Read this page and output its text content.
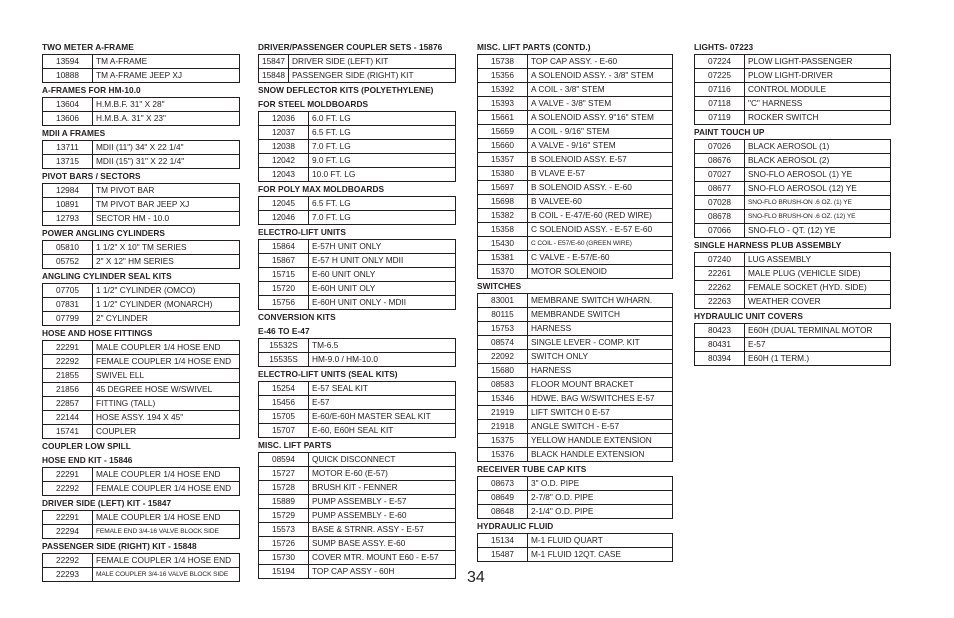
TWO METER A-FRAME
13594	TM A-FRAME
10888	TM A-FRAME JEEP XJ
A-FRAMES FOR HM-10.0
13604	H.M.B.F. 31" X 28"
13606	H.M.B.A. 31" X 23"
MDII A FRAMES
13711	MDII (11") 34" X 22 1/4"
13715	MDII (15") 31" X 22 1/4"
PIVOT BARS / SECTORS
12984	TM PIVOT BAR
10891	TM PIVOT BAR JEEP XJ
12793	SECTOR HM - 10.0
POWER ANGLING CYLINDERS
05810	1 1/2" X 10" TM SERIES
05752	2" X 12" HM SERIES
ANGLING CYLINDER SEAL KITS
07705	1 1/2" CYLINDER (OMCO)
07831	1 1/2" CYLINDER (MONARCH)
07799	2" CYLINDER
HOSE AND HOSE FITTINGS
22291	MALE COUPLER 1/4 HOSE END
22292	FEMALE COUPLER 1/4 HOSE END
21855	SWIVEL ELL
21856	45 DEGREE HOSE W/SWIVEL
22857	FITTING (TALL)
22144	HOSE ASSY. 194 X 45"
15741	COUPLER
COUPLER LOW SPILL
HOSE END KIT - 15846
22291	MALE COUPLER 1/4 HOSE END
22292	FEMALE COUPLER 1/4 HOSE END
DRIVER SIDE (LEFT) KIT - 15847
22291	MALE COUPLER 1/4 HOSE END
22294	FEMALE END 3/4-16 VALVE BLOCK SIDE
PASSENGER SIDE (RIGHT) KIT - 15848
22292	FEMALE COUPLER 1/4 HOSE END
22293	MALE COUPLER 3/4-16 VALVE BLOCK SIDE
DRIVER/PASSENGER COUPLER SETS - 15876
15847	DRIVER SIDE (LEFT) KIT
15848	PASSENGER SIDE (RIGHT) KIT
SNOW DEFLECTOR KITS (POLYETHYLENE)
FOR STEEL MOLDBOARDS
12036	6.0 FT. LG
12037	6.5 FT. LG
12038	7.0 FT. LG
12042	9.0 FT. LG
12043	10.0 FT. LG
FOR POLY MAX MOLDBOARDS
12045	6.5 FT. LG
12046	7.0 FT. LG
ELECTRO-LIFT UNITS
15864	E-57H UNIT ONLY
15867	E-57 H UNIT ONLY MDII
15715	E-60 UNIT ONLY
15720	E-60H UNIT OLY
15756	E-60H UNIT ONLY - MDII
CONVERSION KITS
E-46 TO E-47
15532S	TM-6.5
15535S	HM-9.0 / HM-10.0
ELECTRO-LIFT UNITS (SEAL KITS)
15254	E-57 SEAL KIT
15456	E-57
15705	E-60/E-60H MASTER SEAL KIT
15707	E-60, E60H SEAL KIT
MISC. LIFT PARTS
08594	QUICK DISCONNECT
15727	MOTOR E-60 (E-57)
15728	BRUSH KIT - FENNER
15889	PUMP ASSEMBLY - E-57
15729	PUMP ASSEMBLY - E-60
15573	BASE & STRNR. ASSY - E-57
15726	SUMP BASE ASSY. E-60
15730	COVER MTR. MOUNT E60 - E-57
15194	TOP CAP ASSY - 60H
MISC. LIFT PARTS (CONTD.)
15738	TOP CAP ASSY. - E-60
15356	A SOLENOID ASSY. - 3/8" STEM
15392	A COIL - 3/8" STEM
15393	A VALVE - 3/8" STEM
15661	A SOLENOID ASSY. 9"16" STEM
15659	A COIL - 9/16" STEM
15660	A VALVE - 9/16" STEM
15357	B SOLENOID ASSY. E-57
15380	B VLAVE E-57
15697	B SOLENOID ASSY. - E-60
15698	B VALVEE-60
15382	B COIL - E-47/E-60 (RED WIRE)
15358	C SOLENOID ASSY. - E-57 E-60
15430	C COIL - E57/E-60 (GREEN WIRE)
15381	C VALVE - E-57/E-60
15370	MOTOR SOLENOID
SWITCHES
83001	MEMBRANE SWITCH W/HARN.
80115	MEMBRANDE SWITCH
15753	HARNESS
08574	SINGLE LEVER - COMP. KIT
22092	SWITCH ONLY
15680	HARNESS
08583	FLOOR MOUNT BRACKET
15346	HDWE. BAG W/SWITCHES E-57
21919	LIFT SWITCH 0 E-57
21918	ANGLE SWITCH - E-57
15375	YELLOW HANDLE EXTENSION
15376	BLACK HANDLE EXTENSION
RECEIVER TUBE CAP KITS
08673	3" O.D. PIPE
08649	2-7/8" O.D. PIPE
08648	2-1/4" O.D. PIPE
HYDRAULIC FLUID
15134	M-1 FLUID QUART
15487	M-1 FLUID 12QT. CASE
LIGHTS- 07223
07224	PLOW LIGHT-PASSENGER
07225	PLOW LIGHT-DRIVER
07116	CONTROL MODULE
07118	"C" HARNESS
07119	ROCKER SWITCH
PAINT TOUCH UP
07026	BLACK AEROSOL (1)
08676	BLACK AEROSOL (2)
07027	SNO-FLO AEROSOL (1) YE
08677	SNO-FLO AEROSOL (12) YE
07028	SNO-FLO BRUSH-ON .6 OZ. (1) YE
08678	SNO-FLO BRUSH-ON .6 OZ. (12) YE
07066	SNO-FLO - QT. (12) YE
SINGLE HARNESS PLUB ASSEMBLY
07240	LUG ASSEMBLY
22261	MALE PLUG (VEHICLE SIDE)
22262	FEMALE SOCKET (HYD. SIDE)
22263	WEATHER COVER
HYDRAULIC UNIT COVERS
80423	E60H (DUAL TERMINAL MOTOR
80431	E-57
80394	E60H (1 TERM.)
34
